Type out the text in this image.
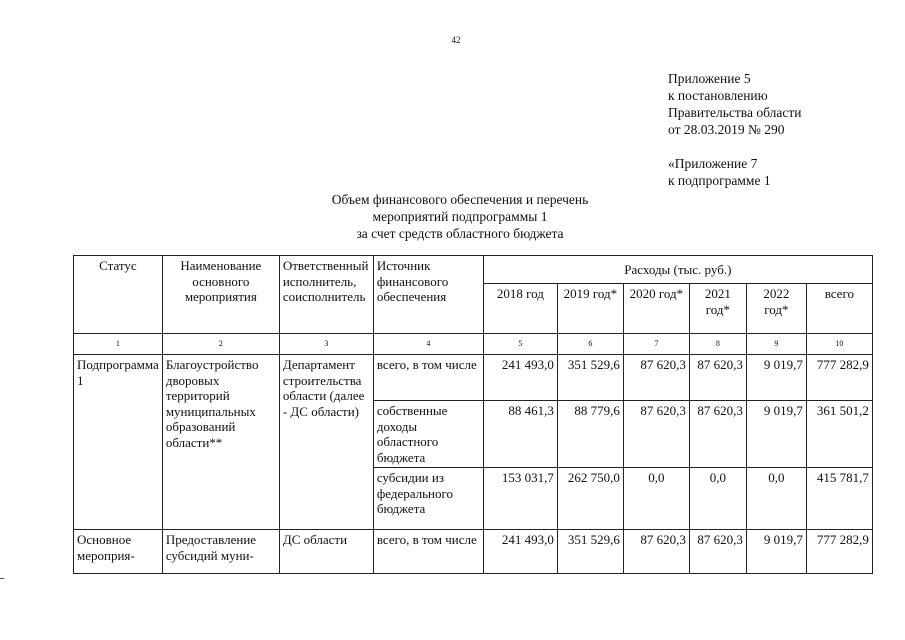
42
Приложение 5
к постановлению
Правительства области
от 28.03.2019 № 290
«Приложение 7
к подпрограмме 1
Объем финансового обеспечения и перечень
мероприятий подпрограммы 1
за счет средств областного бюджета
Статус	Наименование основного мероприятия	Ответственный исполнитель, соисполнитель	Источник финансового обеспечения	Расходы (тыс. руб.)					
				2018 год	2019 год*	2020 год*	2021 год*	2022 год*	всего
1	2	3	4	5	6	7	8	9	10
Подпрограмма 1	Благоустройство дворовых территорий муниципальных образований области**	Департамент строительства области (далее - ДС области)	всего, в том числе	241 493,0	351 529,6	87 620,3	87 620,3	9 019,7	777 282,9
			собственные доходы областного бюджета	88 461,3	88 779,6	87 620,3	87 620,3	9 019,7	361 501,2
			субсидии из федерального бюджета	153 031,7	262 750,0	0,0	0,0	0,0	415 781,7
Основное мероприя-	Предоставление субсидий муни-	ДС области	всего, в том числе	241 493,0	351 529,6	87 620,3	87 620,3	9 019,7	777 282,9
